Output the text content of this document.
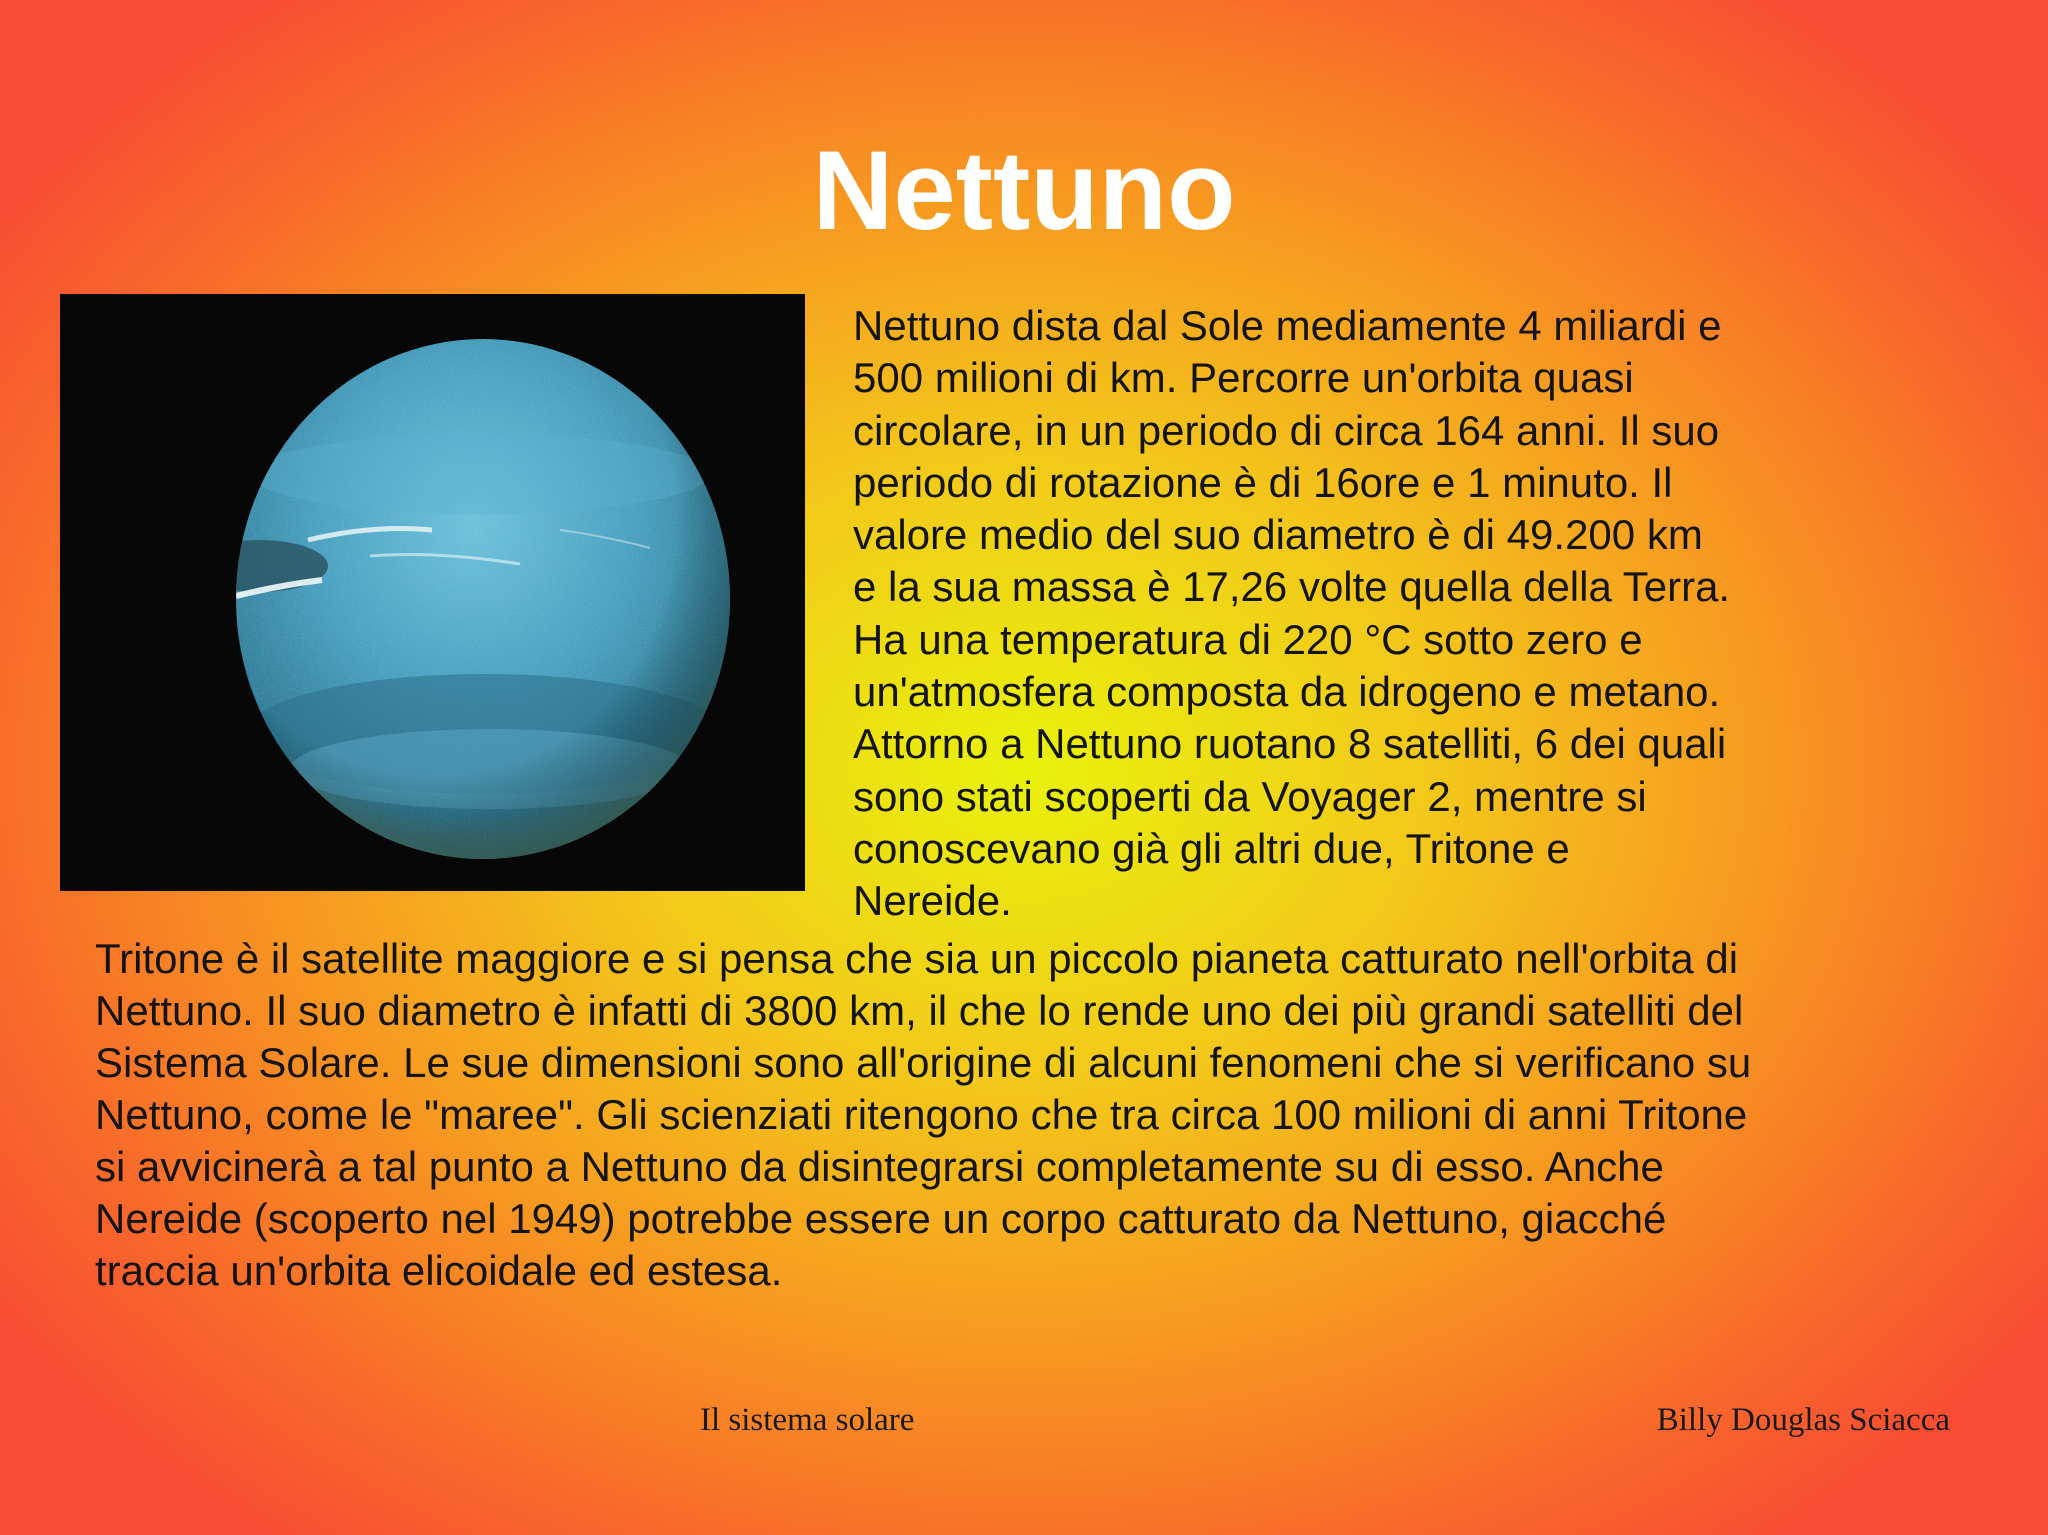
Nettuno

Nettuno dista dal Sole mediamente 4 miliardi e
500 milioni di km. Percorre un'orbita quasi
circolare, in un periodo di circa 164 anni. Il suo
periodo di rotazione è di 16ore e 1 minuto. Il
valore medio del suo diametro è di 49.200 km
e la sua massa è 17,26 volte quella della Terra.
Ha una temperatura di 220 °C sotto zero e
un'atmosfera composta da idrogeno e metano.
Attorno a Nettuno ruotano 8 satelliti, 6 dei quali
sono stati scoperti da Voyager 2, mentre si
conoscevano già gli altri due, Tritone e
Nereide.

Tritone è il satellite maggiore e si pensa che sia un piccolo pianeta catturato nell'orbita di
Nettuno. Il suo diametro è infatti di 3800 km, il che lo rende uno dei più grandi satelliti del
Sistema Solare. Le sue dimensioni sono all'origine di alcuni fenomeni che si verificano su
Nettuno, come le "maree". Gli scienziati ritengono che tra circa 100 milioni di anni Tritone
si avvicinerà a tal punto a Nettuno da disintegrarsi completamente su di esso. Anche
Nereide (scoperto nel 1949) potrebbe essere un corpo catturato da Nettuno, giacché
traccia un'orbita elicoidale ed estesa.

Il sistema solare	Billy Douglas Sciacca
